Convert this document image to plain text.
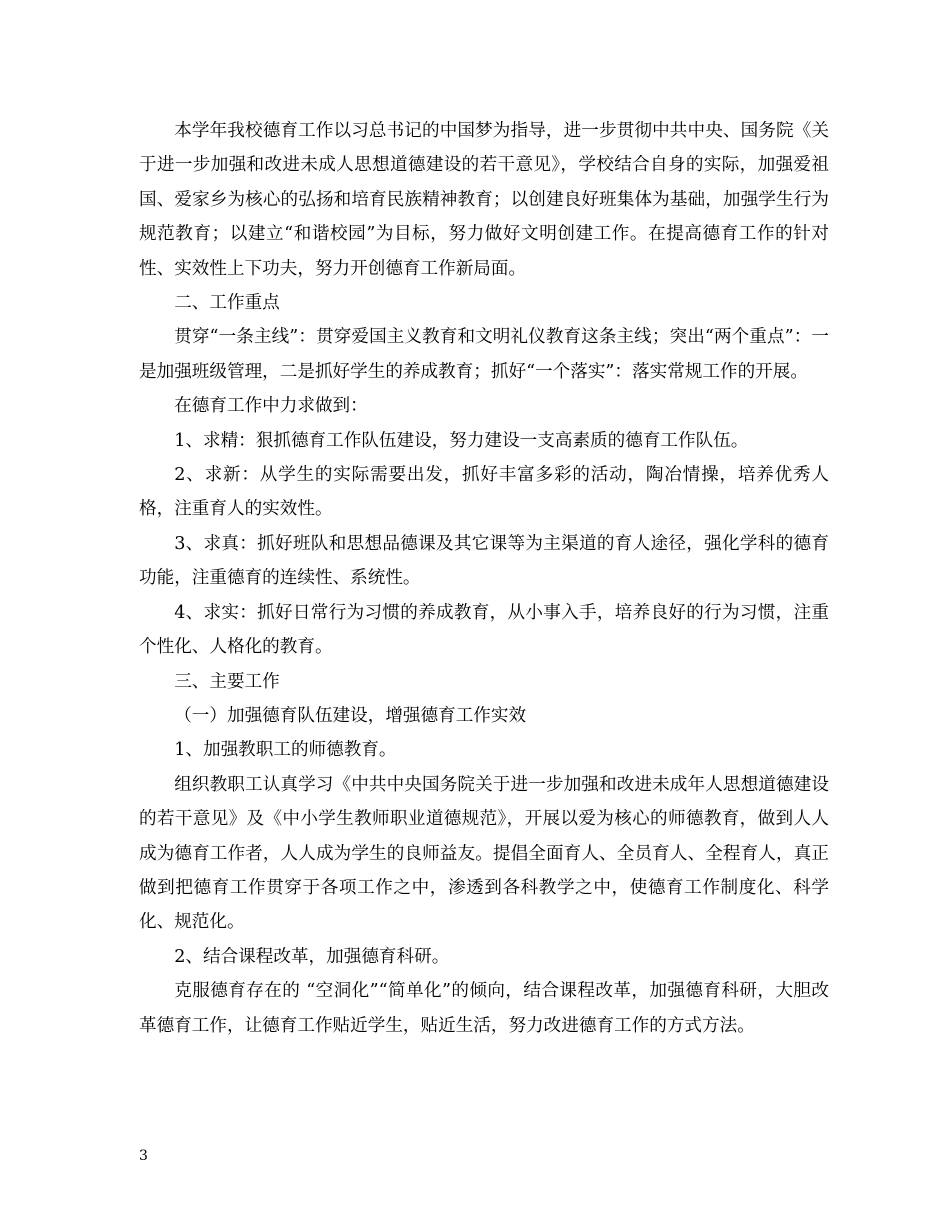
本学年我校德育工作以习总书记的中国梦为指导，进一步贯彻中共中央、国务院《关于进一步加强和改进未成人思想道德建设的若干意见》，学校结合自身的实际，加强爱祖国、爱家乡为核心的弘扬和培育民族精神教育；以创建良好班集体为基础，加强学生行为规范教育；以建立“和谐校园”为目标，努力做好文明创建工作。在提高德育工作的针对性、实效性上下功夫，努力开创德育工作新局面。

二、工作重点

贯穿“一条主线”：贯穿爱国主义教育和文明礼仪教育这条主线；突出“两个重点”：一是加强班级管理，二是抓好学生的养成教育；抓好“一个落实”：落实常规工作的开展。

在德育工作中力求做到：

1、求精：狠抓德育工作队伍建设，努力建设一支高素质的德育工作队伍。

2、求新：从学生的实际需要出发，抓好丰富多彩的活动，陶冶情操，培养优秀人格，注重育人的实效性。

3、求真：抓好班队和思想品德课及其它课等为主渠道的育人途径，强化学科的德育功能，注重德育的连续性、系统性。

4、求实：抓好日常行为习惯的养成教育，从小事入手，培养良好的行为习惯，注重个性化、人格化的教育。

三、主要工作

（一）加强德育队伍建设，增强德育工作实效

1、加强教职工的师德教育。

组织教职工认真学习《中共中央国务院关于进一步加强和改进未成年人思想道德建设的若干意见》及《中小学生教师职业道德规范》，开展以爱为核心的师德教育，做到人人成为德育工作者，人人成为学生的良师益友。提倡全面育人、全员育人、全程育人，真正做到把德育工作贯穿于各项工作之中，渗透到各科教学之中，使德育工作制度化、科学化、规范化。

2、结合课程改革，加强德育科研。

克服德育存在的 “空洞化”“简单化”的倾向，结合课程改革，加强德育科研，大胆改革德育工作，让德育工作贴近学生，贴近生活，努力改进德育工作的方式方法。

3
